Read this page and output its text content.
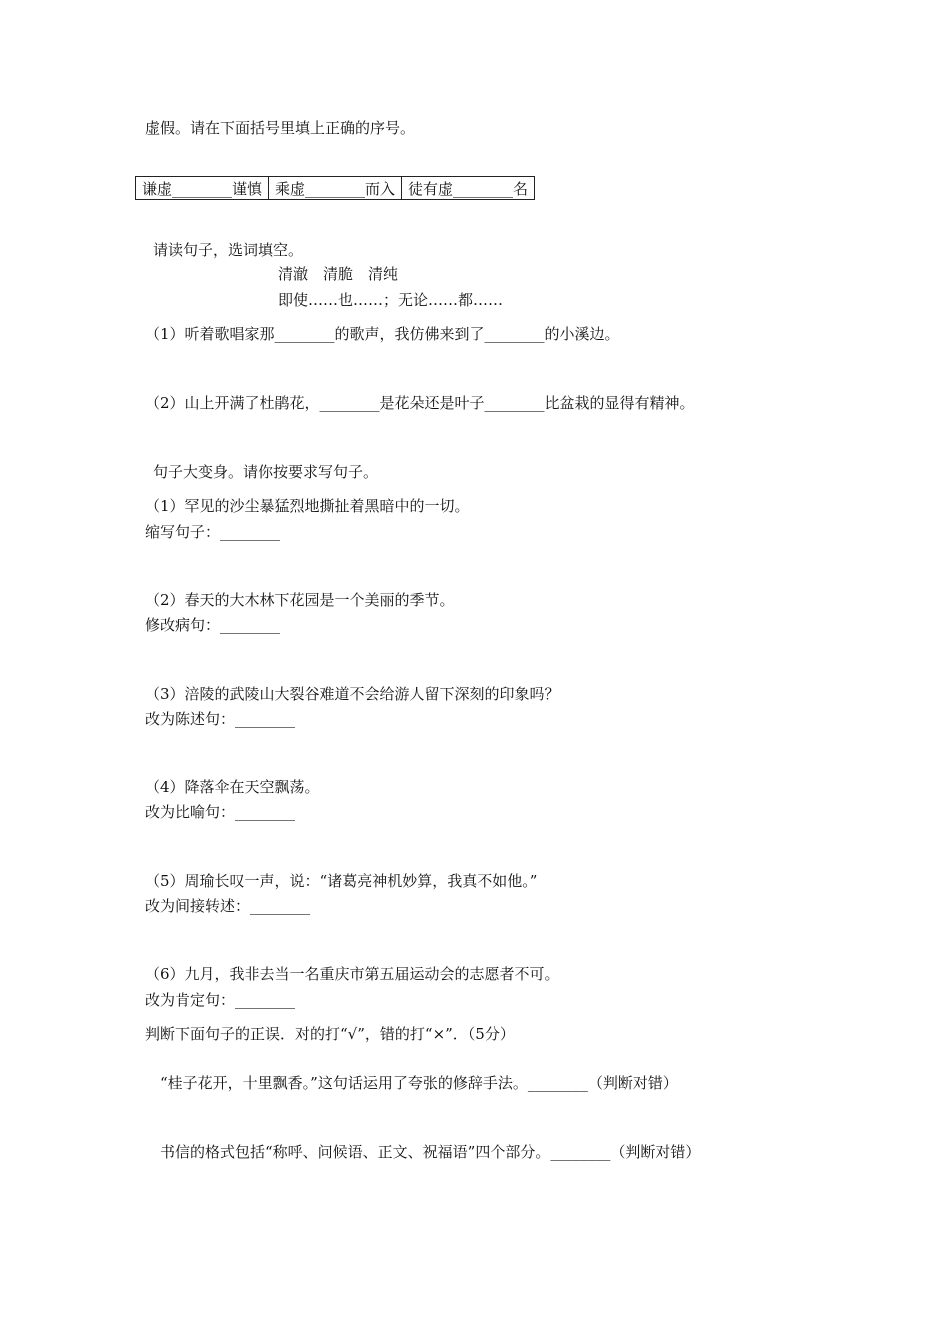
虚假。请在下面括号里填上正确的序号。
谦虚________谨慎	乘虚________而入	徒有虚________名
请读句子，选词填空。
清澈　清脆　清纯
即使……也……；无论……都……
（1）听着歌唱家那________的歌声，我仿佛来到了________的小溪边。
（2）山上开满了杜鹃花，________是花朵还是叶子________比盆栽的显得有精神。
句子大变身。请你按要求写句子。
（1）罕见的沙尘暴猛烈地撕扯着黑暗中的一切。
缩写句子：________
（2）春天的大木林下花园是一个美丽的季节。
修改病句：________
（3）涪陵的武陵山大裂谷难道不会给游人留下深刻的印象吗？
改为陈述句：________
（4）降落伞在天空飘荡。
改为比喻句：________
（5）周瑜长叹一声，说：“诸葛亮神机妙算，我真不如他。”
改为间接转述：________
（6）九月，我非去当一名重庆市第五届运动会的志愿者不可。
改为肯定句：________
判断下面句子的正误．对的打“√”，错的打“×”．（5分）
“桂子花开，十里飘香。”这句话运用了夸张的修辞手法。________（判断对错）
书信的格式包括“称呼、问候语、正文、祝福语”四个部分。________（判断对错）
